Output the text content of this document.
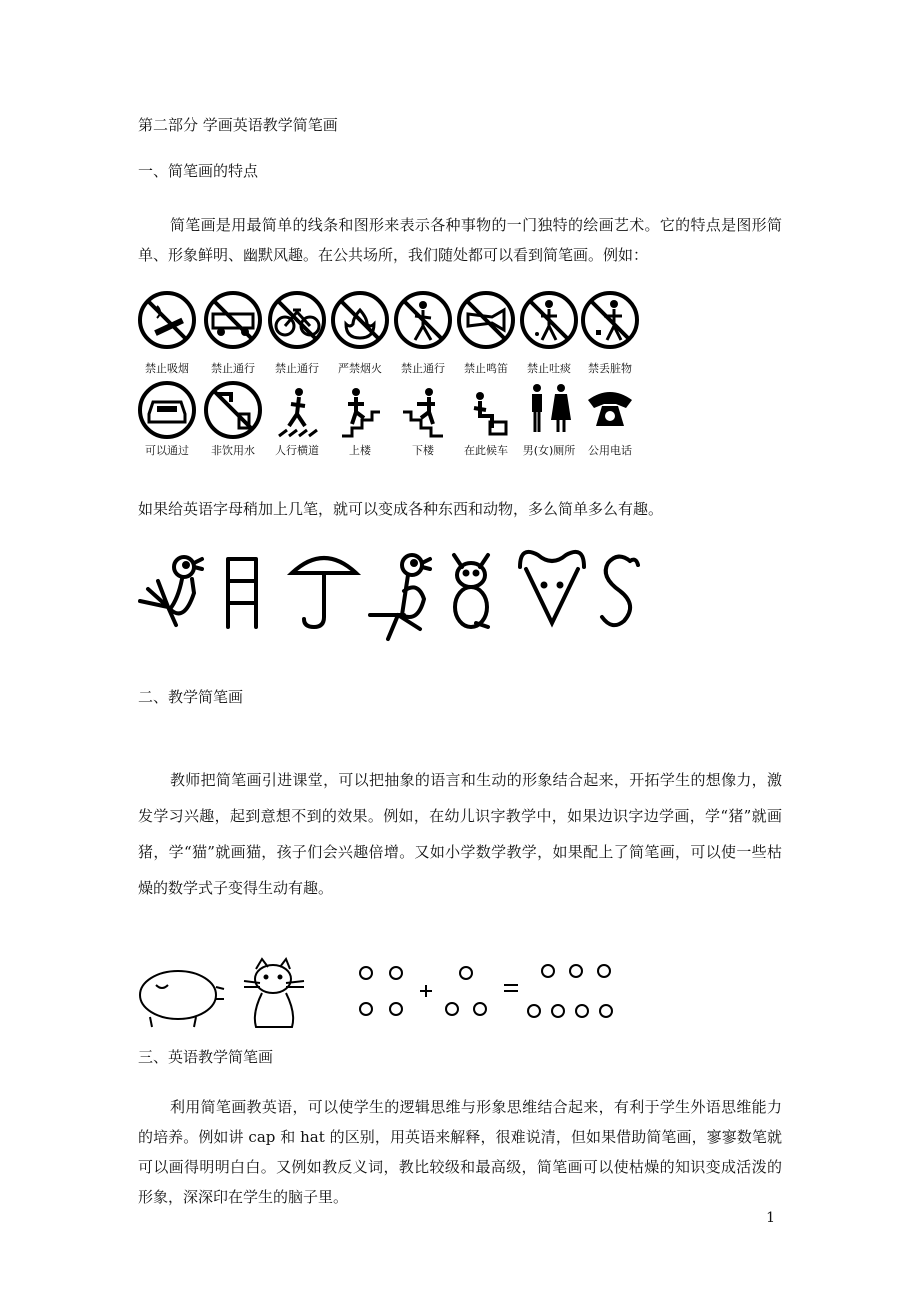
第二部分 学画英语教学简笔画
一、简笔画的特点
简笔画是用最简单的线条和图形来表示各种事物的一门独特的绘画艺术。它的特点是图形简单、形象鲜明、幽默风趣。在公共场所，我们随处都可以看到简笔画。例如：
禁止吸烟	禁止通行	禁止通行	严禁烟火	禁止通行	禁止鸣笛	禁止吐痰	禁丢脏物
可以通过	非饮用水	人行横道	上楼	下楼	在此候车	男(女)厕所	公用电话
如果给英语字母稍加上几笔，就可以变成各种东西和动物，多么简单多么有趣。
二、教学简笔画
教师把简笔画引进课堂，可以把抽象的语言和生动的形象结合起来，开拓学生的想像力，激发学习兴趣，起到意想不到的效果。例如，在幼儿识字教学中，如果边识字边学画，学“猪”就画猪，学“猫”就画猫，孩子们会兴趣倍增。又如小学数学教学，如果配上了简笔画，可以使一些枯燥的数学式子变得生动有趣。
三、英语教学简笔画
利用简笔画教英语，可以使学生的逻辑思维与形象思维结合起来，有利于学生外语思维能力的培养。例如讲 cap 和 hat 的区别，用英语来解释，很难说清，但如果借助简笔画，寥寥数笔就可以画得明明白白。又例如教反义词，教比较级和最高级，简笔画可以使枯燥的知识变成活泼的形象，深深印在学生的脑子里。
1
